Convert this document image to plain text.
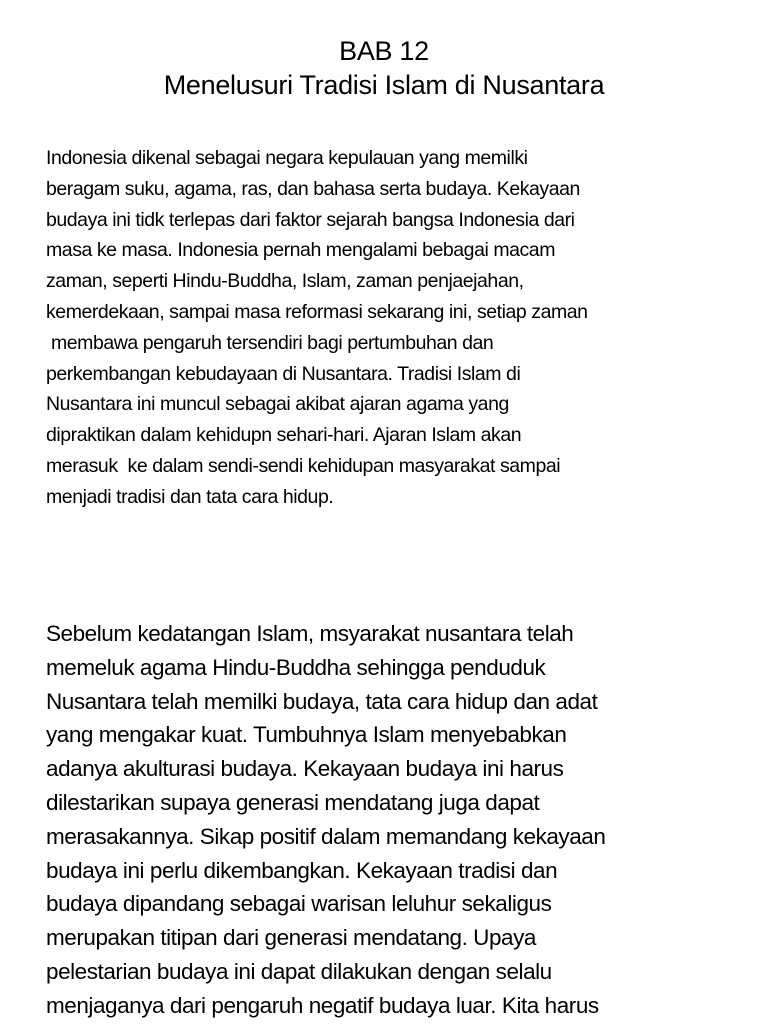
BAB 12
Menelusuri Tradisi Islam di Nusantara
Indonesia dikenal sebagai negara kepulauan yang memilki
beragam suku, agama, ras, dan bahasa serta budaya. Kekayaan
budaya ini tidk terlepas dari faktor sejarah bangsa Indonesia dari
masa ke masa. Indonesia pernah mengalami bebagai macam
zaman, seperti Hindu-Buddha, Islam, zaman penjaejahan,
kemerdekaan, sampai masa reformasi sekarang ini, setiap zaman
membawa pengaruh tersendiri bagi pertumbuhan dan
perkembangan kebudayaan di Nusantara. Tradisi Islam di
Nusantara ini muncul sebagai akibat ajaran agama yang
dipraktikan dalam kehidupn sehari-hari. Ajaran Islam akan
merasuk  ke dalam sendi-sendi kehidupan masyarakat sampai
menjadi tradisi dan tata cara hidup.
Sebelum kedatangan Islam, msyarakat nusantara telah
memeluk agama Hindu-Buddha sehingga penduduk
Nusantara telah memilki budaya, tata cara hidup dan adat
yang mengakar kuat. Tumbuhnya Islam menyebabkan
adanya akulturasi budaya. Kekayaan budaya ini harus
dilestarikan supaya generasi mendatang juga dapat
merasakannya. Sikap positif dalam memandang kekayaan
budaya ini perlu dikembangkan. Kekayaan tradisi dan
budaya dipandang sebagai warisan leluhur sekaligus
merupakan titipan dari generasi mendatang. Upaya
pelestarian budaya ini dapat dilakukan dengan selalu
menjaganya dari pengaruh negatif budaya luar. Kita harus
